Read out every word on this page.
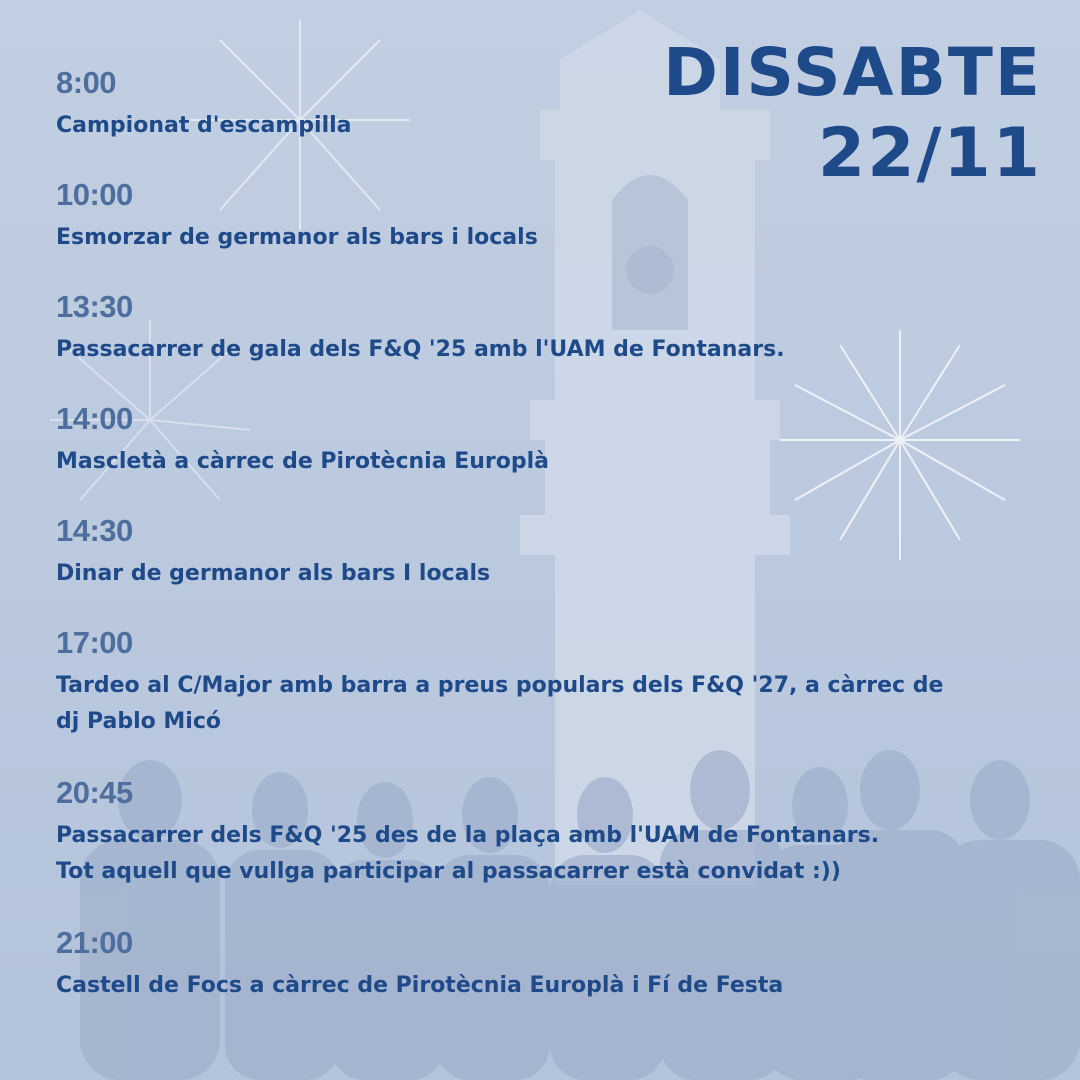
DISSABTE
22/11
8:00
Campionat d'escampilla
10:00
Esmorzar de germanor als bars i locals
13:30
Passacarrer de gala dels F&Q '25 amb l'UAM de Fontanars.
14:00
Mascletà a càrrec de Pirotècnia Europlà
14:30
Dinar de germanor als bars I locals
17:00
Tardeo al C/Major amb barra a preus populars dels F&Q '27, a càrrec de
dj Pablo Micó
20:45
Passacarrer dels F&Q '25 des de la plaça amb l'UAM de Fontanars.
Tot aquell que vullga participar al passacarrer està convidat :))
21:00
Castell de Focs a càrrec de Pirotècnia Europlà i Fí de Festa
